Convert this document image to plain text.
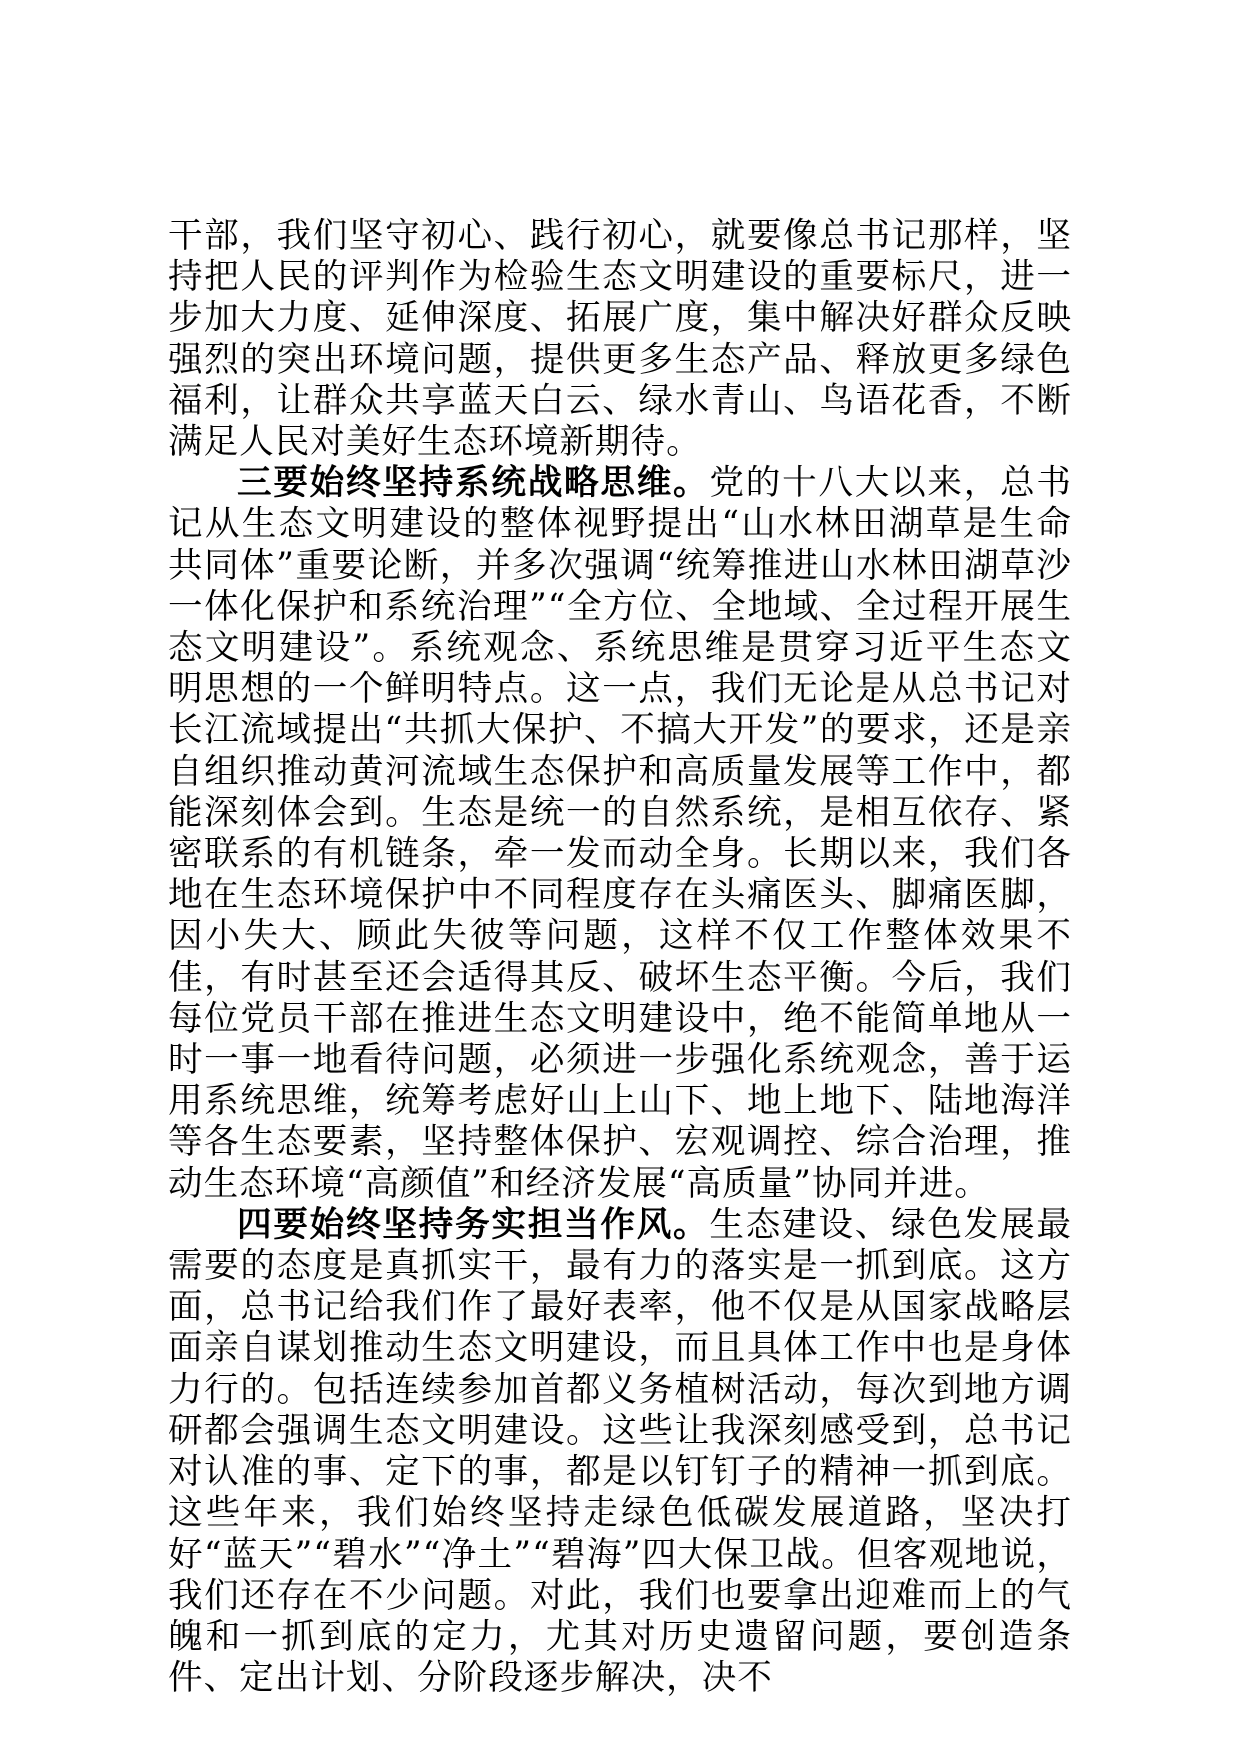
干部，我们坚守初心、践行初心，就要像总书记那样，坚持把人民的评判作为检验生态文明建设的重要标尺，进一步加大力度、延伸深度、拓展广度，集中解决好群众反映强烈的突出环境问题，提供更多生态产品、释放更多绿色福利，让群众共享蓝天白云、绿水青山、鸟语花香，不断满足人民对美好生态环境新期待。

三要始终坚持系统战略思维。党的十八大以来，总书记从生态文明建设的整体视野提出“山水林田湖草是生命共同体”重要论断，并多次强调“统筹推进山水林田湖草沙一体化保护和系统治理”“全方位、全地域、全过程开展生态文明建设”。系统观念、系统思维是贯穿习近平生态文明思想的一个鲜明特点。这一点，我们无论是从总书记对长江流域提出“共抓大保护、不搞大开发”的要求，还是亲自组织推动黄河流域生态保护和高质量发展等工作中，都能深刻体会到。生态是统一的自然系统，是相互依存、紧密联系的有机链条，牵一发而动全身。长期以来，我们各地在生态环境保护中不同程度存在头痛医头、脚痛医脚，因小失大、顾此失彼等问题，这样不仅工作整体效果不佳，有时甚至还会适得其反、破坏生态平衡。今后，我们每位党员干部在推进生态文明建设中，绝不能简单地从一时一事一地看待问题，必须进一步强化系统观念，善于运用系统思维，统筹考虑好山上山下、地上地下、陆地海洋等各生态要素，坚持整体保护、宏观调控、综合治理，推动生态环境“高颜值”和经济发展“高质量”协同并进。

四要始终坚持务实担当作风。生态建设、绿色发展最需要的态度是真抓实干，最有力的落实是一抓到底。这方面，总书记给我们作了最好表率，他不仅是从国家战略层面亲自谋划推动生态文明建设，而且具体工作中也是身体力行的。包括连续参加首都义务植树活动，每次到地方调研都会强调生态文明建设。这些让我深刻感受到，总书记对认准的事、定下的事，都是以钉钉子的精神一抓到底。这些年来，我们始终坚持走绿色低碳发展道路，坚决打好“蓝天”“碧水”“净土”“碧海”四大保卫战。但客观地说，我们还存在不少问题。对此，我们也要拿出迎难而上的气魄和一抓到底的定力，尤其对历史遗留问题，要创造条件、定出计划、分阶段逐步解决，决不
